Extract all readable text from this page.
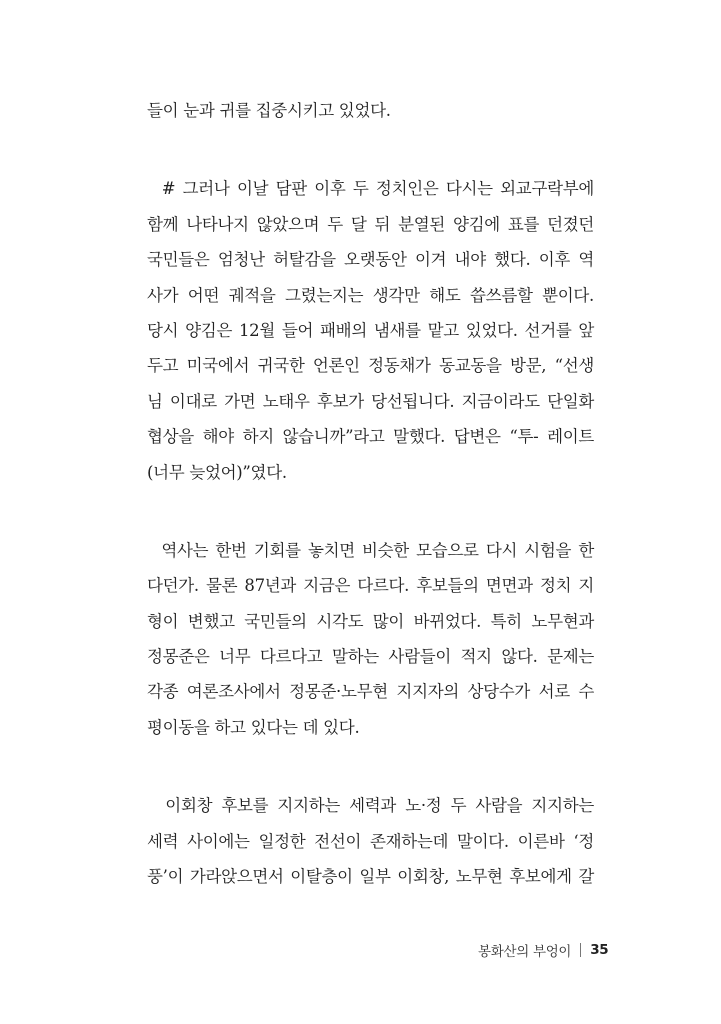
들이 눈과 귀를 집중시키고 있었다.
# 그러나 이날 담판 이후 두 정치인은 다시는 외교구락부에
함께 나타나지 않았으며 두 달 뒤 분열된 양김에 표를 던졌던
국민들은 엄청난 허탈감을 오랫동안 이겨 내야 했다. 이후 역
사가 어떤 궤적을 그렸는지는 생각만 해도 씁쓰름할 뿐이다.
당시 양김은 12월 들어 패배의 냄새를 맡고 있었다. 선거를 앞
두고 미국에서 귀국한 언론인 정동채가 동교동을 방문, “선생
님 이대로 가면 노태우 후보가 당선됩니다. 지금이라도 단일화
협상을 해야 하지 않습니까”라고 말했다. 답변은 “투- 레이트
(너무 늦었어)”였다.
역사는 한번 기회를 놓치면 비슷한 모습으로 다시 시험을 한
다던가. 물론 87년과 지금은 다르다. 후보들의 면면과 정치 지
형이 변했고 국민들의 시각도 많이 바뀌었다. 특히 노무현과
정몽준은 너무 다르다고 말하는 사람들이 적지 않다. 문제는
각종 여론조사에서 정몽준·노무현 지지자의 상당수가 서로 수
평이동을 하고 있다는 데 있다.
이회창 후보를 지지하는 세력과 노·정 두 사람을 지지하는
세력 사이에는 일정한 전선이 존재하는데 말이다. 이른바 ‘정
풍’이 가라앉으면서 이탈층이 일부 이회창, 노무현 후보에게 갈
봉화산의 부엉이 35
